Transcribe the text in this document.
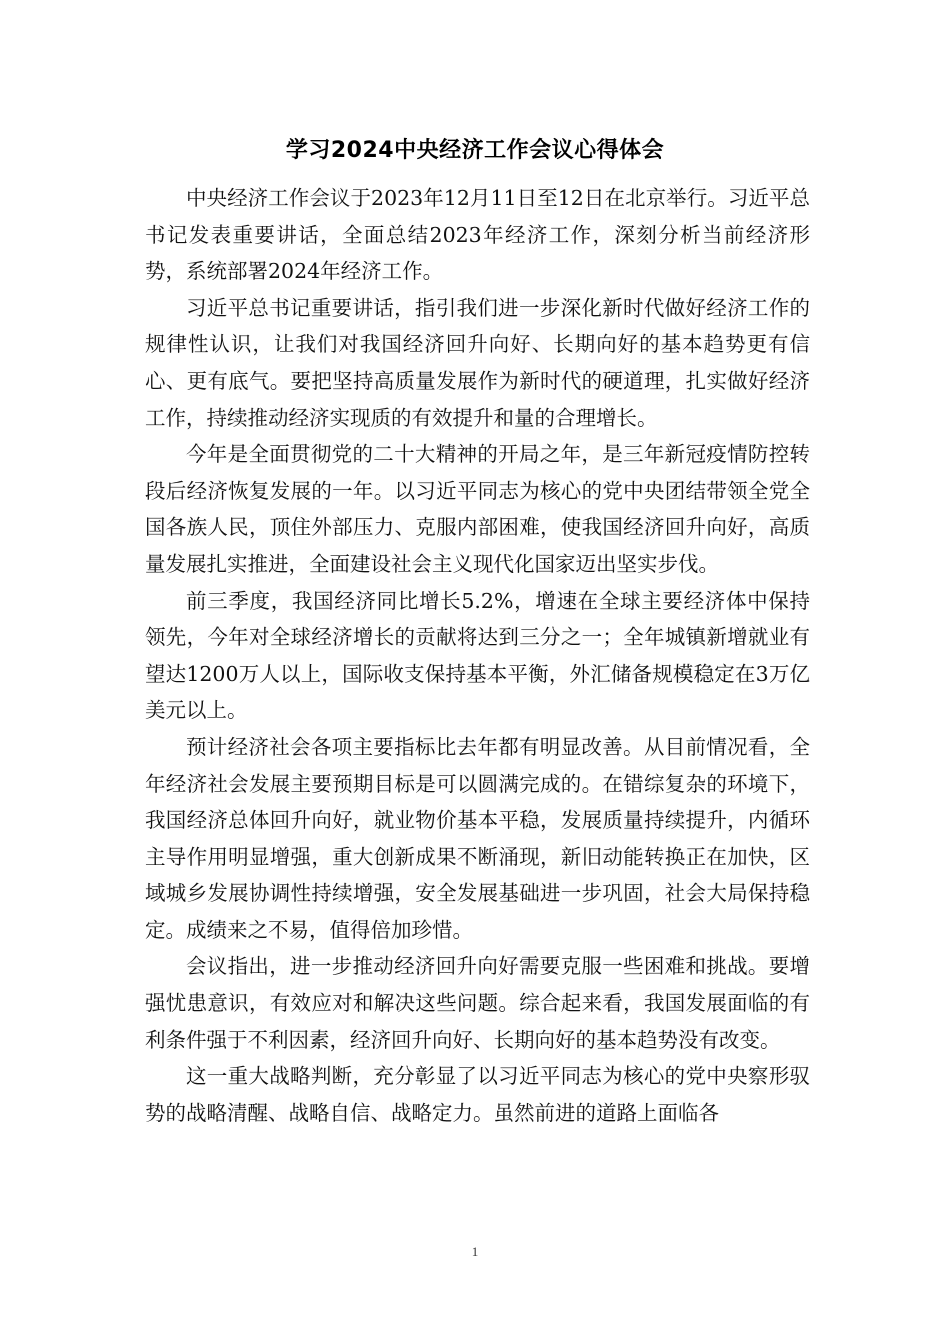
学习2024中央经济工作会议心得体会

中央经济工作会议于2023年12月11日至12日在北京举行。习近平总书记发表重要讲话，全面总结2023年经济工作，深刻分析当前经济形势，系统部署2024年经济工作。

习近平总书记重要讲话，指引我们进一步深化新时代做好经济工作的规律性认识，让我们对我国经济回升向好、长期向好的基本趋势更有信心、更有底气。要把坚持高质量发展作为新时代的硬道理，扎实做好经济工作，持续推动经济实现质的有效提升和量的合理增长。

今年是全面贯彻党的二十大精神的开局之年，是三年新冠疫情防控转段后经济恢复发展的一年。以习近平同志为核心的党中央团结带领全党全国各族人民，顶住外部压力、克服内部困难，使我国经济回升向好，高质量发展扎实推进，全面建设社会主义现代化国家迈出坚实步伐。

前三季度，我国经济同比增长5.2%，增速在全球主要经济体中保持领先，今年对全球经济增长的贡献将达到三分之一；全年城镇新增就业有望达1200万人以上，国际收支保持基本平衡，外汇储备规模稳定在3万亿美元以上。

预计经济社会各项主要指标比去年都有明显改善。从目前情况看，全年经济社会发展主要预期目标是可以圆满完成的。在错综复杂的环境下，我国经济总体回升向好，就业物价基本平稳，发展质量持续提升，内循环主导作用明显增强，重大创新成果不断涌现，新旧动能转换正在加快，区域城乡发展协调性持续增强，安全发展基础进一步巩固，社会大局保持稳定。成绩来之不易，值得倍加珍惜。

会议指出，进一步推动经济回升向好需要克服一些困难和挑战。要增强忧患意识，有效应对和解决这些问题。综合起来看，我国发展面临的有利条件强于不利因素，经济回升向好、长期向好的基本趋势没有改变。

这一重大战略判断，充分彰显了以习近平同志为核心的党中央察形驭势的战略清醒、战略自信、战略定力。虽然前进的道路上面临各

1
